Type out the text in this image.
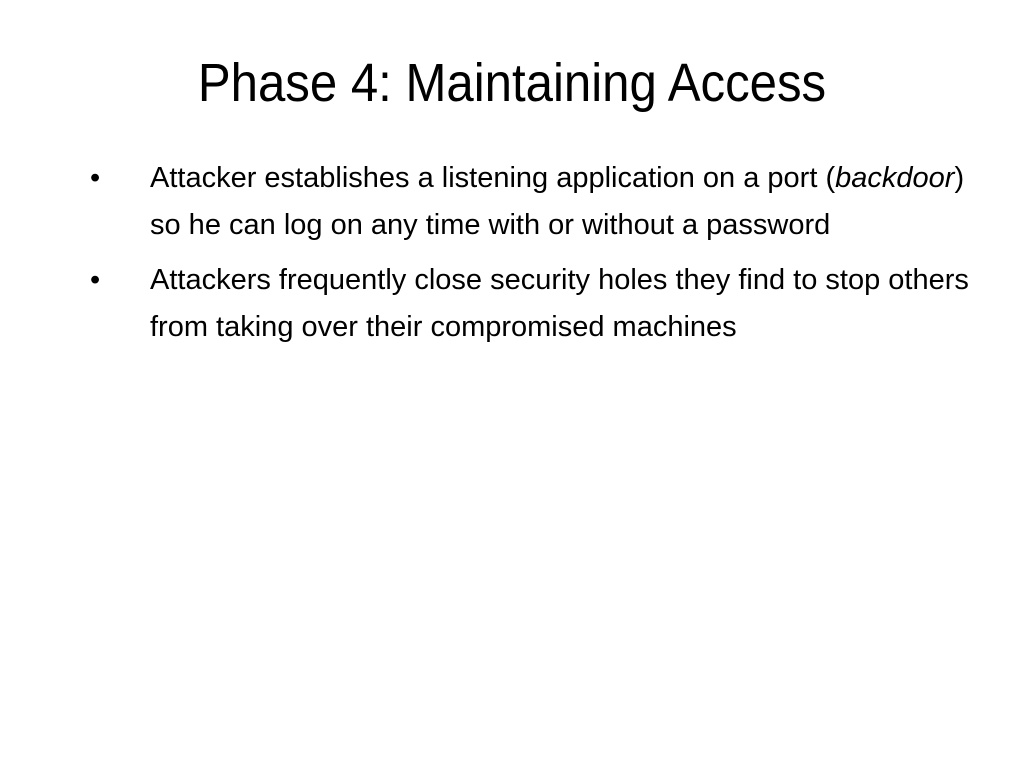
Phase 4: Maintaining Access
•	Attacker establishes a listening application on a port (backdoor) so he can log on any time with or without a password
•	Attackers frequently close security holes they find to stop others from taking over their compromised machines
